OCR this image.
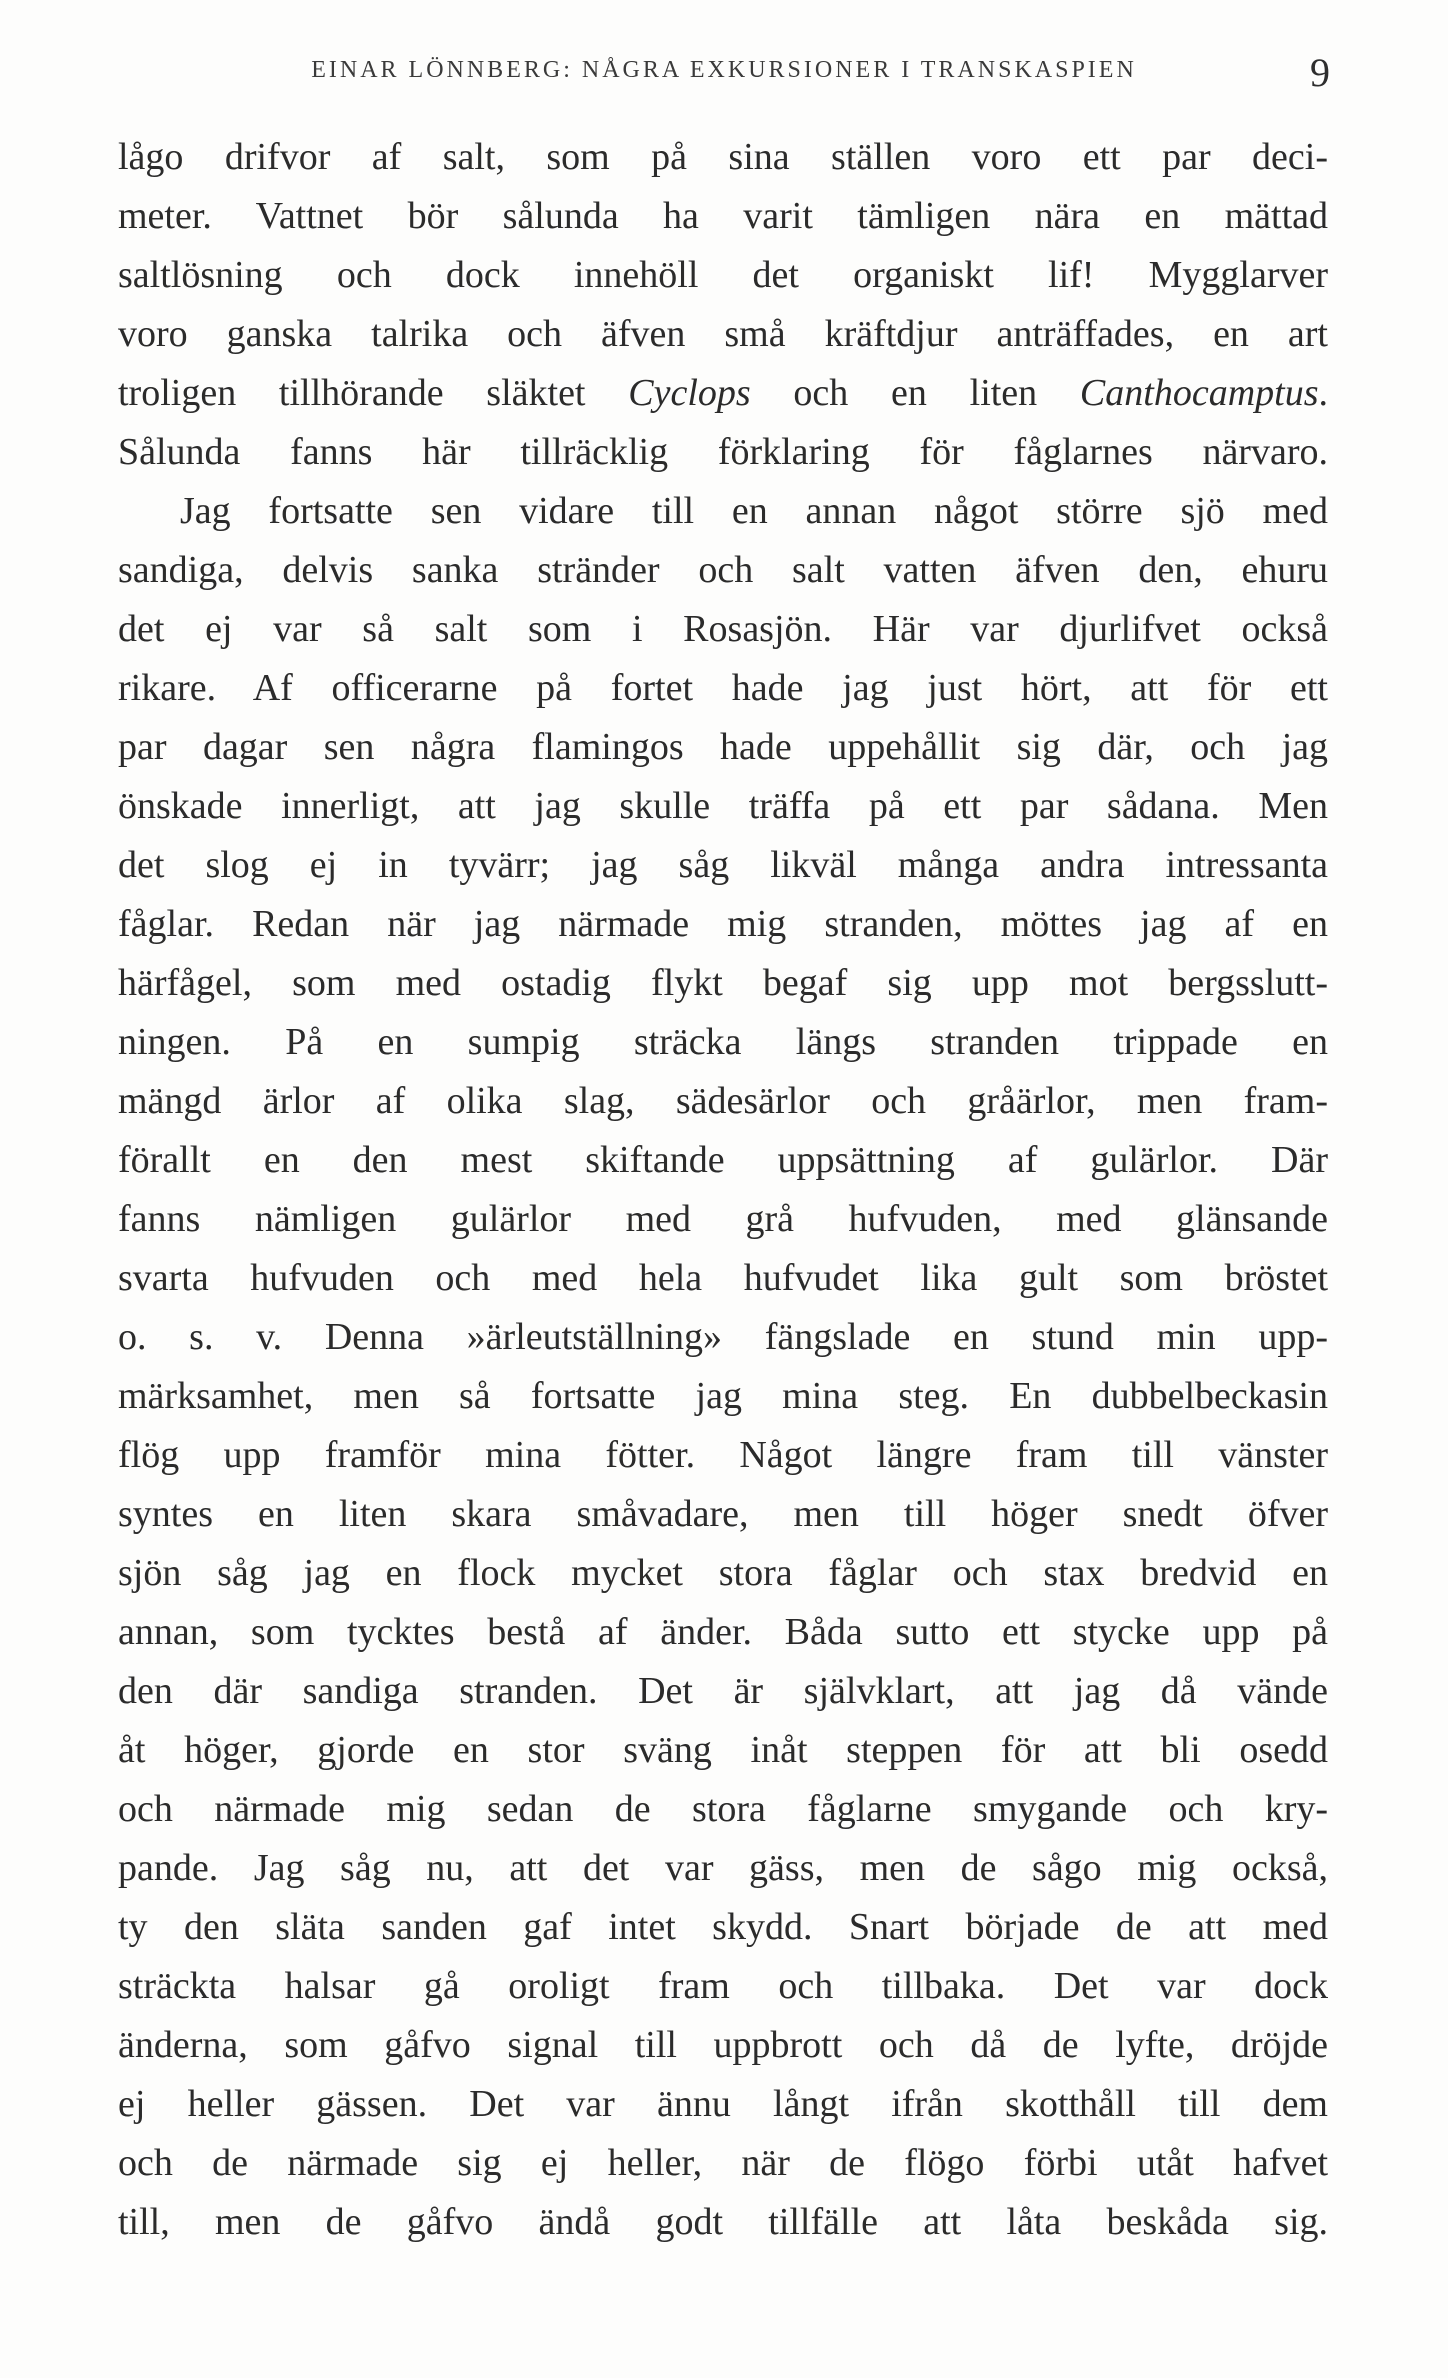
EINAR LÖNNBERG: NÅGRA EXKURSIONER I TRANSKASPIEN	9
lågo drifvor af salt, som på sina ställen voro ett par deci-
meter. Vattnet bör sålunda ha varit tämligen nära en mättad
saltlösning och dock innehöll det organiskt lif! Mygglarver
voro ganska talrika och äfven små kräftdjur anträffades, en art
troligen tillhörande släktet Cyclops och en liten Canthocamptus.
Sålunda fanns här tillräcklig förklaring för fåglarnes närvaro.
Jag fortsatte sen vidare till en annan något större sjö med
sandiga, delvis sanka stränder och salt vatten äfven den, ehuru
det ej var så salt som i Rosasjön. Här var djurlifvet också
rikare. Af officerarne på fortet hade jag just hört, att för ett
par dagar sen några flamingos hade uppehållit sig där, och jag
önskade innerligt, att jag skulle träffa på ett par sådana. Men
det slog ej in tyvärr; jag såg likväl många andra intressanta
fåglar. Redan när jag närmade mig stranden, möttes jag af en
härfågel, som med ostadig flykt begaf sig upp mot bergsslutt-
ningen. På en sumpig sträcka längs stranden trippade en
mängd ärlor af olika slag, sädesärlor och gråärlor, men fram-
förallt en den mest skiftande uppsättning af gulärlor. Där
fanns nämligen gulärlor med grå hufvuden, med glänsande
svarta hufvuden och med hela hufvudet lika gult som bröstet
o. s. v. Denna »ärleutställning» fängslade en stund min upp-
märksamhet, men så fortsatte jag mina steg. En dubbelbeckasin
flög upp framför mina fötter. Något längre fram till vänster
syntes en liten skara småvadare, men till höger snedt öfver
sjön såg jag en flock mycket stora fåglar och stax bredvid en
annan, som tycktes bestå af änder. Båda sutto ett stycke upp på
den där sandiga stranden. Det är självklart, att jag då vände
åt höger, gjorde en stor sväng inåt steppen för att bli osedd
och närmade mig sedan de stora fåglarne smygande och kry-
pande. Jag såg nu, att det var gäss, men de sågo mig också,
ty den släta sanden gaf intet skydd. Snart började de att med
sträckta halsar gå oroligt fram och tillbaka. Det var dock
änderna, som gåfvo signal till uppbrott och då de lyfte, dröjde
ej heller gässen. Det var ännu långt ifrån skotthåll till dem
och de närmade sig ej heller, när de flögo förbi utåt hafvet
till, men de gåfvo ändå godt tillfälle att låta beskåda sig.
